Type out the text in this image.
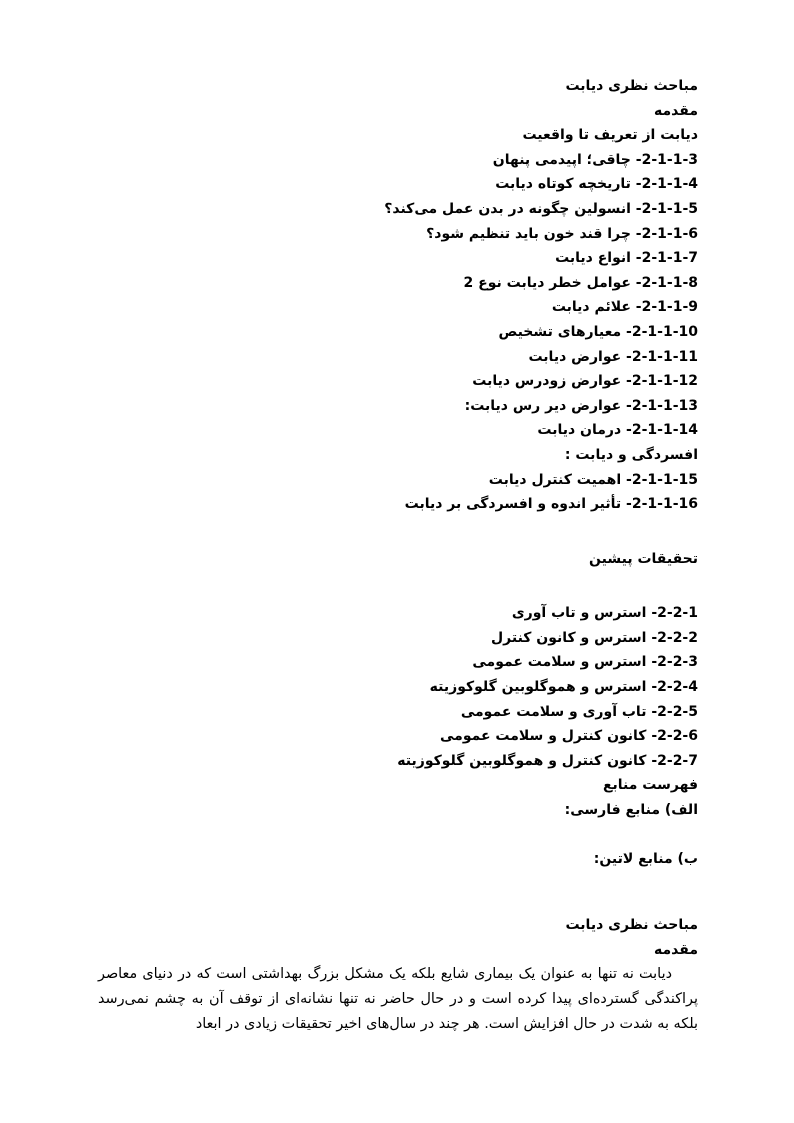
مباحث نظری دیابت
مقدمه
دیابت از تعریف تا واقعیت
2-1-1-3- چاقی؛ اپیدمی پنهان
2-1-1-4- تاریخچه کوتاه دیابت
2-1-1-5- انسولین چگونه در بدن عمل می‌کند؟
2-1-1-6- چرا قند خون باید تنظیم شود؟
2-1-1-7- انواع دیابت
2-1-1-8- عوامل خطر دیابت نوع 2
2-1-1-9- علائم دیابت
2-1-1-10- معیارهای تشخیص
2-1-1-11- عوارض دیابت
2-1-1-12- عوارض زودرس دیابت
2-1-1-13- عوارض دیر رس دیابت:
2-1-1-14- درمان دیابت
افسردگی و دیابت :
2-1-1-15- اهمیت کنترل دیابت
2-1-1-16- تأثیر اندوه و افسردگی بر دیابت
تحقیقات پیشین
2-2-1- استرس و تاب آوری
2-2-2- استرس و کانون کنترل
2-2-3- استرس و سلامت عمومی
2-2-4- استرس و هموگلوبین گلوکوزیته
2-2-5- تاب آوری و سلامت عمومی
2-2-6- کانون کنترل و سلامت عمومی
2-2-7- کانون کنترل و هموگلوبین گلوکوزیته
فهرست منابع
الف) منابع فارسی:
ب) منابع لاتین:
مباحث نظری دیابت
مقدمه

دیابت نه تنها به عنوان یک بیماری شایع بلکه یک مشکل بزرگ بهداشتی است که در دنیای معاصر پراکندگی گسترده‌ای پیدا کرده است و در حال حاضر نه تنها نشانه‌ای از توقف آن به چشم نمی‌رسد بلکه به شدت در حال افزایش است. هر چند در سال‌های اخیر تحقیقات زیادی در ابعاد
